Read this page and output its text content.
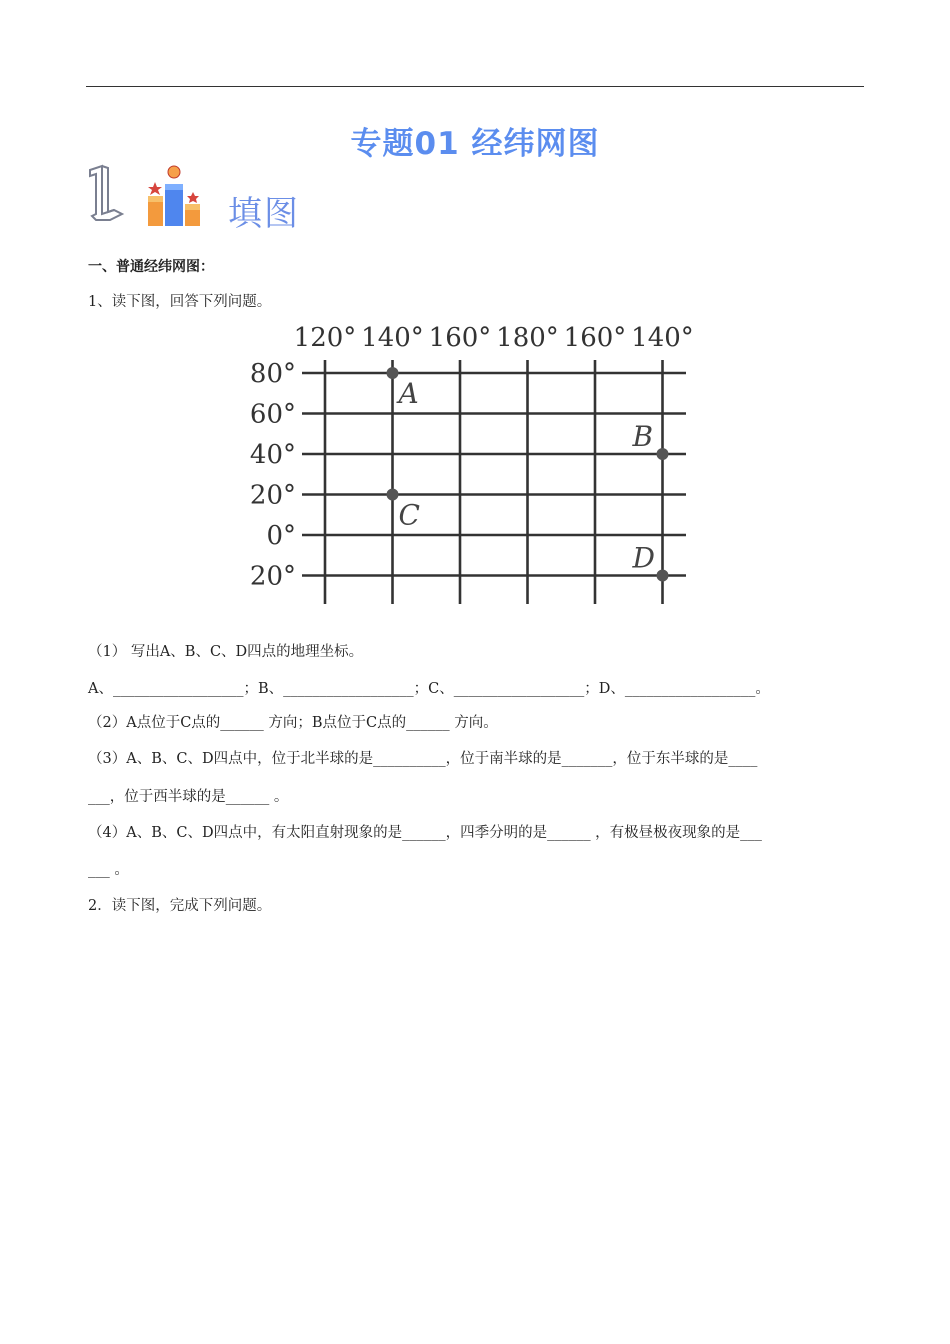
专题01 经纬网图
填图
一、普通经纬网图：
1、读下图，回答下列问题。
120° 140° 160° 180° 160° 140°
80°
60°
40°
20°
0°
20°
A
B
C
D
（1） 写出A、B、C、D四点的地理坐标。
A、__________________；B、__________________；C、__________________；D、__________________。
（2）A点位于C点的______ 方向；B点位于C点的______ 方向。
（3）A、B、C、D四点中，位于北半球的是__________，位于南半球的是_______，位于东半球的是____
___，位于西半球的是______ 。
（4）A、B、C、D四点中，有太阳直射现象的是______，四季分明的是______ ，有极昼极夜现象的是___
___ 。
2．读下图，完成下列问题。
